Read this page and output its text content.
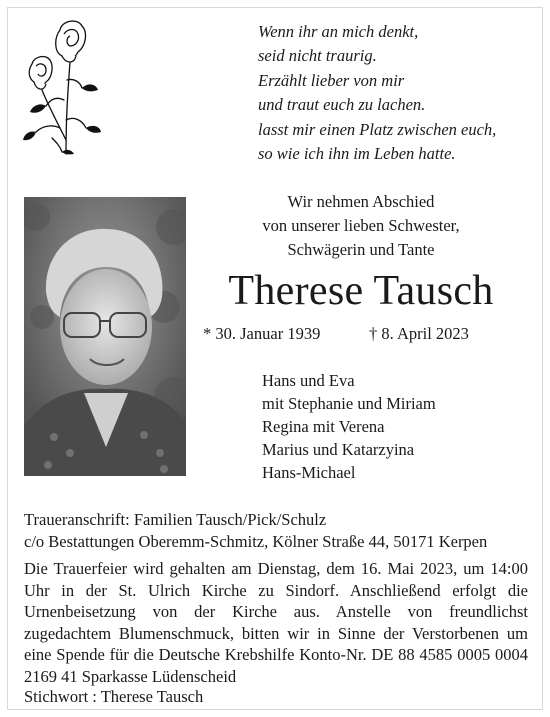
Wenn ihr an mich denkt,
seid nicht traurig.
Erzählt lieber von mir
und traut euch zu lachen.
lasst mir einen Platz zwischen euch,
so wie ich ihn im Leben hatte.
Wir nehmen Abschied
von unserer lieben Schwester,
Schwägerin und Tante
Therese Tausch
* 30. Januar 1939	† 8. April 2023
Hans und Eva
mit Stephanie und Miriam
Regina mit Verena
Marius und Katarzyina
Hans-Michael
Traueranschrift: Familien Tausch/Pick/Schulz
c/o Bestattungen Oberemm-Schmitz, Kölner Straße 44, 50171 Kerpen
Die Trauerfeier wird gehalten am Dienstag, dem 16. Mai 2023, um 14:00 Uhr in der St. Ulrich Kirche zu Sindorf. Anschließend erfolgt die Urnenbeisetzung von der Kirche aus. Anstelle von freundlichst zugedachtem Blumenschmuck, bitten wir in Sinne der Verstorbenen um eine Spende für die Deutsche Krebshilfe Konto-Nr. DE 88 4585 0005 0004 2169 41 Sparkasse Lüdenscheid
Stichwort : Therese Tausch
